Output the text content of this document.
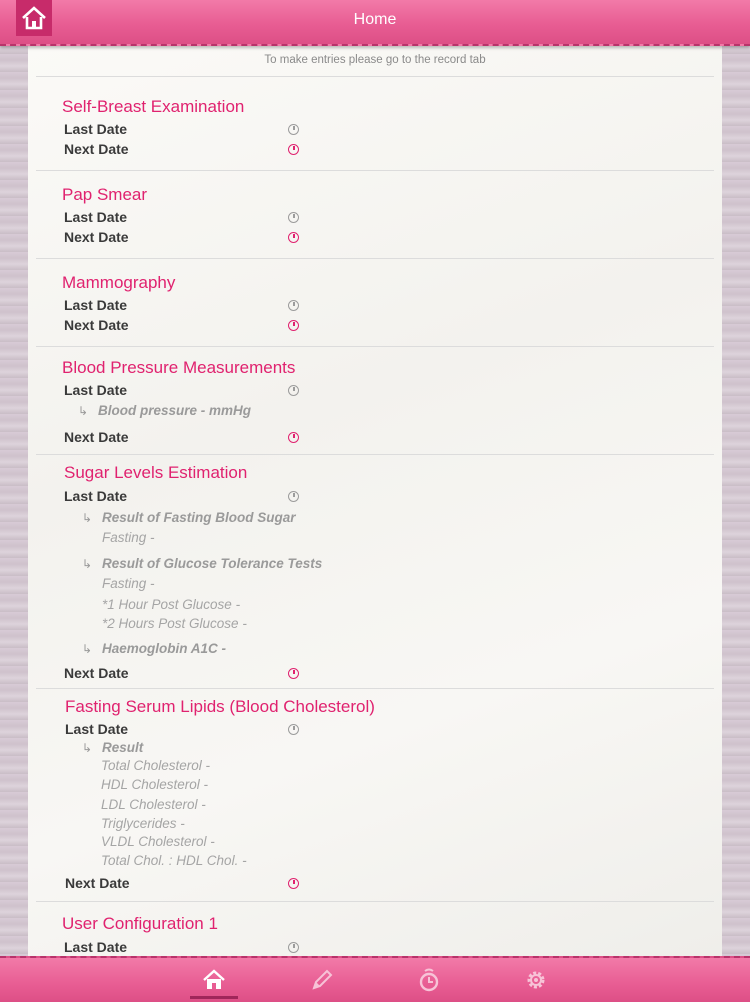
Home
To make entries please go to the record tab
Self-Breast Examination
Last Date
Next Date
Pap Smear
Last Date
Next Date
Mammography
Last Date
Next Date
Blood Pressure Measurements
Last Date
↳ Blood pressure - mmHg
Next Date
Sugar Levels Estimation
Last Date
↳ Result of Fasting Blood Sugar
Fasting -
↳ Result of Glucose Tolerance Tests
Fasting -
*1 Hour Post Glucose -
*2 Hours Post Glucose -
↳ Haemoglobin A1C -
Next Date
Fasting Serum Lipids (Blood Cholesterol)
Last Date
↳ Result
Total Cholesterol -
HDL Cholesterol -
LDL Cholesterol -
Triglycerides -
VLDL Cholesterol -
Total Chol. : HDL Chol. -
Next Date
User Configuration 1
Last Date
